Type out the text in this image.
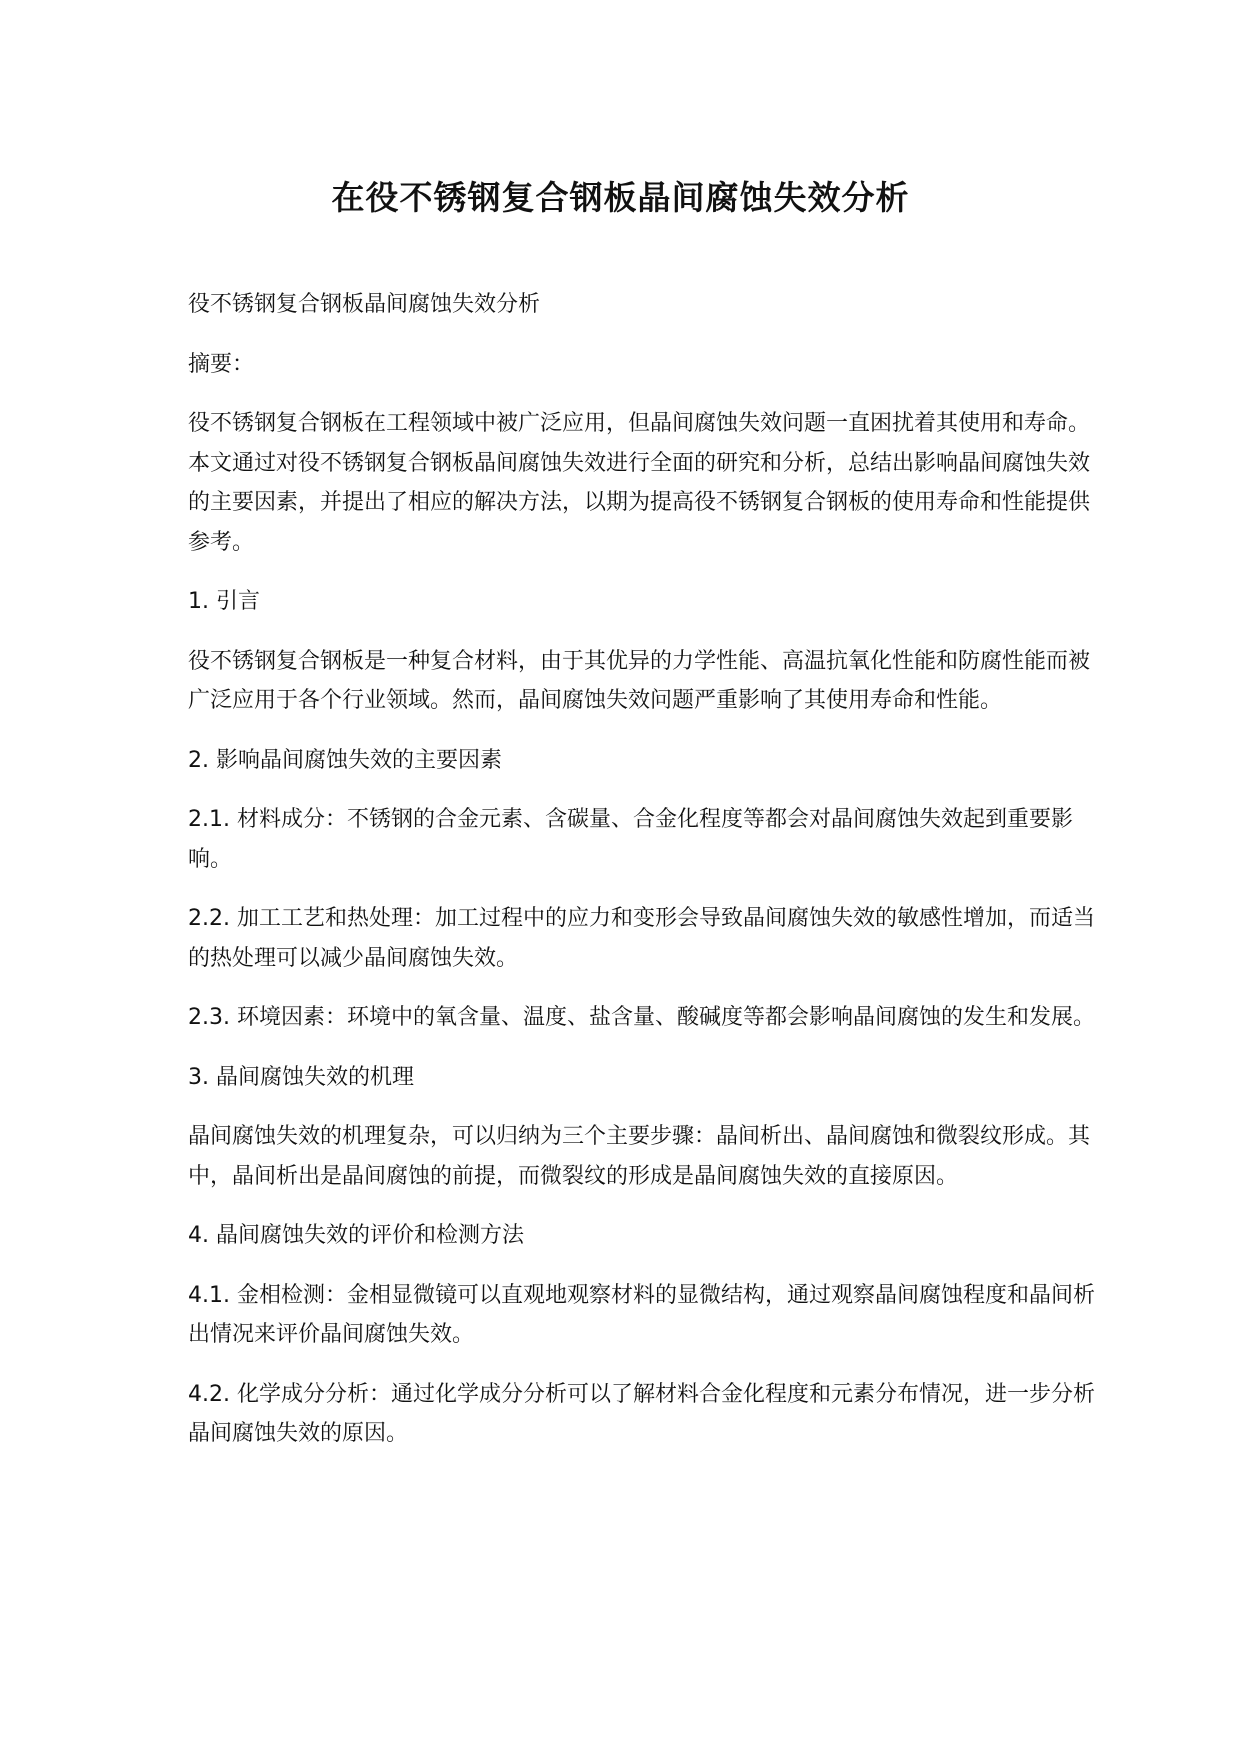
在役不锈钢复合钢板晶间腐蚀失效分析

役不锈钢复合钢板晶间腐蚀失效分析

摘要：

役不锈钢复合钢板在工程领域中被广泛应用，但晶间腐蚀失效问题一直困扰着其使用和寿命。本文通过对役不锈钢复合钢板晶间腐蚀失效进行全面的研究和分析，总结出影响晶间腐蚀失效的主要因素，并提出了相应的解决方法，以期为提高役不锈钢复合钢板的使用寿命和性能提供参考。

1. 引言

役不锈钢复合钢板是一种复合材料，由于其优异的力学性能、高温抗氧化性能和防腐性能而被广泛应用于各个行业领域。然而，晶间腐蚀失效问题严重影响了其使用寿命和性能。

2. 影响晶间腐蚀失效的主要因素

2.1. 材料成分：不锈钢的合金元素、含碳量、合金化程度等都会对晶间腐蚀失效起到重要影响。

2.2. 加工工艺和热处理：加工过程中的应力和变形会导致晶间腐蚀失效的敏感性增加，而适当的热处理可以减少晶间腐蚀失效。

2.3. 环境因素：环境中的氧含量、温度、盐含量、酸碱度等都会影响晶间腐蚀的发生和发展。

3. 晶间腐蚀失效的机理

晶间腐蚀失效的机理复杂，可以归纳为三个主要步骤：晶间析出、晶间腐蚀和微裂纹形成。其中，晶间析出是晶间腐蚀的前提，而微裂纹的形成是晶间腐蚀失效的直接原因。

4. 晶间腐蚀失效的评价和检测方法

4.1. 金相检测：金相显微镜可以直观地观察材料的显微结构，通过观察晶间腐蚀程度和晶间析出情况来评价晶间腐蚀失效。

4.2. 化学成分分析：通过化学成分分析可以了解材料合金化程度和元素分布情况，进一步分析晶间腐蚀失效的原因。
